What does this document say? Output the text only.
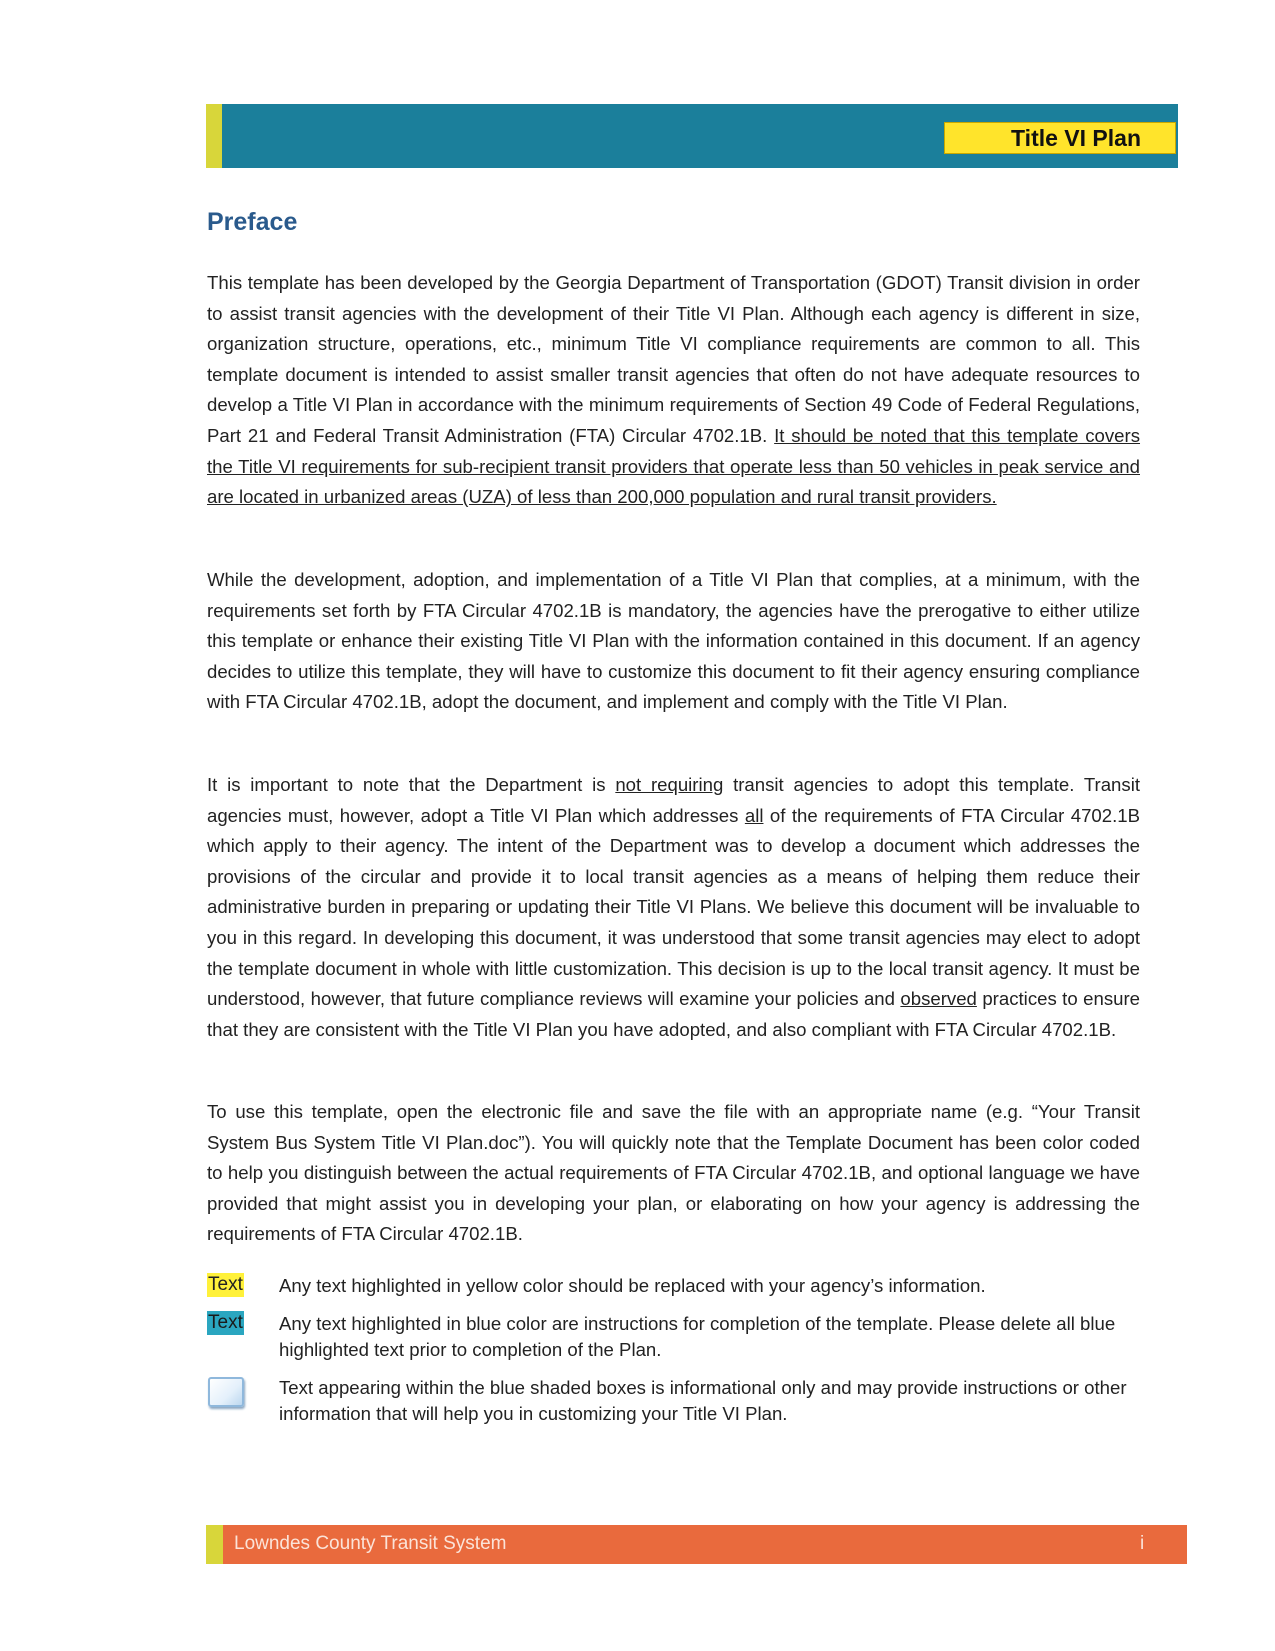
Title VI Plan
Preface

This template has been developed by the Georgia Department of Transportation (GDOT) Transit division in order to assist transit agencies with the development of their Title VI Plan. Although each agency is different in size, organization structure, operations, etc., minimum Title VI compliance requirements are common to all. This template document is intended to assist smaller transit agencies that often do not have adequate resources to develop a Title VI Plan in accordance with the minimum requirements of Section 49 Code of Federal Regulations, Part 21 and Federal Transit Administration (FTA) Circular 4702.1B. It should be noted that this template covers the Title VI requirements for sub-recipient transit providers that operate less than 50 vehicles in peak service and are located in urbanized areas (UZA) of less than 200,000 population and rural transit providers.

While the development, adoption, and implementation of a Title VI Plan that complies, at a minimum, with the requirements set forth by FTA Circular 4702.1B is mandatory, the agencies have the prerogative to either utilize this template or enhance their existing Title VI Plan with the information contained in this document. If an agency decides to utilize this template, they will have to customize this document to fit their agency ensuring compliance with FTA Circular 4702.1B, adopt the document, and implement and comply with the Title VI Plan.

It is important to note that the Department is not requiring transit agencies to adopt this template. Transit agencies must, however, adopt a Title VI Plan which addresses all of the requirements of FTA Circular 4702.1B which apply to their agency. The intent of the Department was to develop a document which addresses the provisions of the circular and provide it to local transit agencies as a means of helping them reduce their administrative burden in preparing or updating their Title VI Plans. We believe this document will be invaluable to you in this regard. In developing this document, it was understood that some transit agencies may elect to adopt the template document in whole with little customization. This decision is up to the local transit agency. It must be understood, however, that future compliance reviews will examine your policies and observed practices to ensure that they are consistent with the Title VI Plan you have adopted, and also compliant with FTA Circular 4702.1B.

To use this template, open the electronic file and save the file with an appropriate name (e.g. “Your Transit System Bus System Title VI Plan.doc”). You will quickly note that the Template Document has been color coded to help you distinguish between the actual requirements of FTA Circular 4702.1B, and optional language we have provided that might assist you in developing your plan, or elaborating on how your agency is addressing the requirements of FTA Circular 4702.1B.

Text Any text highlighted in yellow color should be replaced with your agency’s information.
Text Any text highlighted in blue color are instructions for completion of the template. Please delete all blue highlighted text prior to completion of the Plan.
Text appearing within the blue shaded boxes is informational only and may provide instructions or other information that will help you in customizing your Title VI Plan.
Lowndes County Transit System	i
